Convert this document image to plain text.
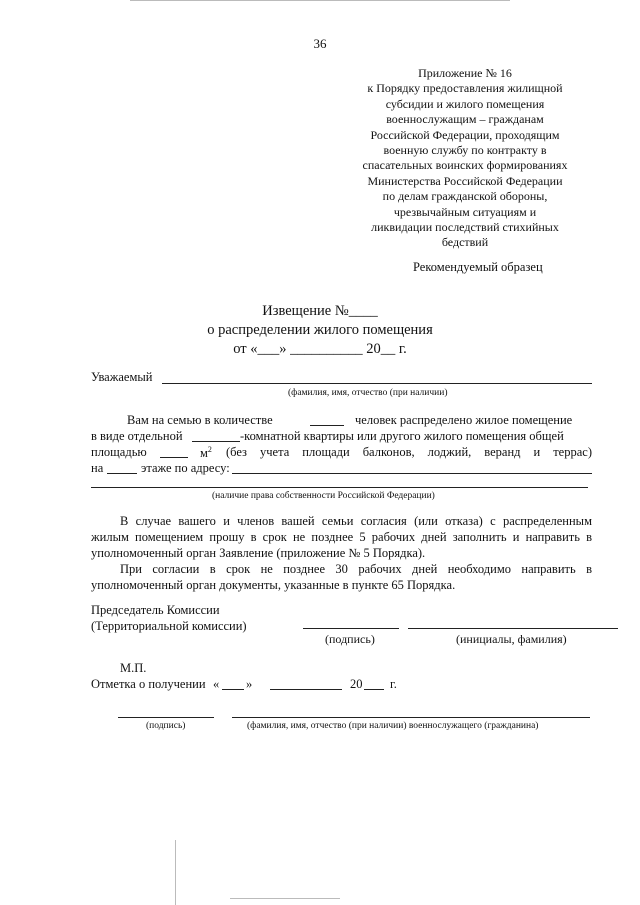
36
Приложение № 16
к Порядку предоставления жилищной
субсидии и жилого помещения
военнослужащим – гражданам
Российской Федерации, проходящим
военную службу по контракту в
спасательных воинских формированиях
Министерства Российской Федерации
по делам гражданской обороны,
чрезвычайным ситуациям и
ликвидации последствий стихийных
бедствий
Рекомендуемый образец
Извещение №____
о распределении жилого помещения
от «___» __________ 20__ г.
Уважаемый
(фамилия, имя, отчество (при наличии)
Вам на семью в количестве	человек распределено жилое помещение
в виде отдельной	-комнатной квартиры или другого жилого помещения общей
площадью	$м^2$ (без учета площади балконов, лоджий, веранд и террас)
на	этаже по адресу:
(наличие права собственности Российской Федерации)
В случае вашего и членов вашей семьи согласия (или отказа) с распределенным
жилым помещением прошу в срок не позднее 5 рабочих дней заполнить и направить в
уполномоченный орган Заявление (приложение № 5 Порядка).
При согласии в срок не позднее 30 рабочих дней необходимо направить в
уполномоченный орган документы, указанные в пункте 65 Порядка.
Председатель Комиссии
(Территориальной комиссии)
(подпись)	(инициалы, фамилия)
М.П.
Отметка о получении « »	20 г.
(подпись)	(фамилия, имя, отчество (при наличии) военнослужащего (гражданина)
